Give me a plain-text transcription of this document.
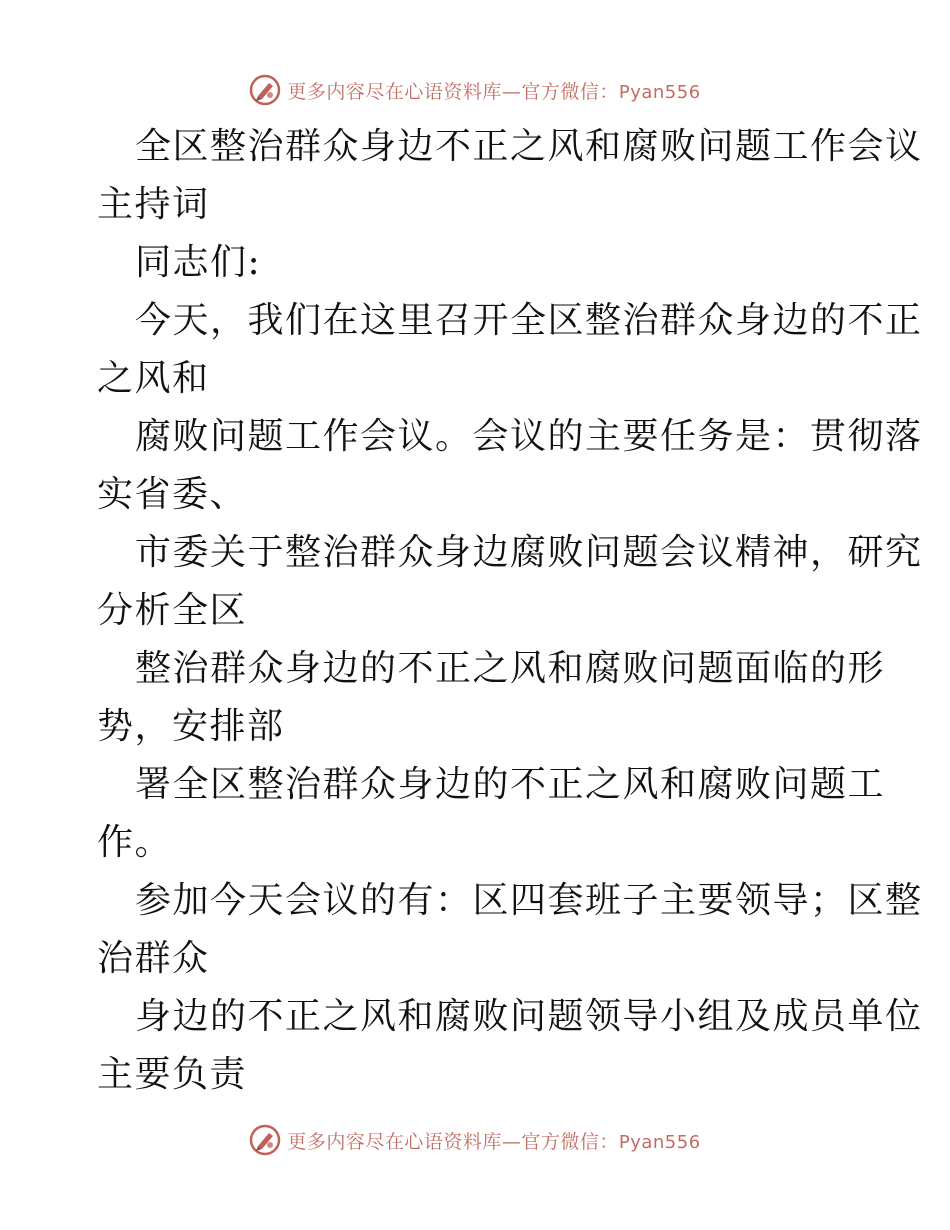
更多内容尽在心语资料库—官方微信：Pyan556
全区整治群众身边不正之风和腐败问题工作会议
主持词
同志们:
今天，我们在这里召开全区整治群众身边的不正
之风和
腐败问题工作会议。会议的主要任务是：贯彻落
实省委、
市委关于整治群众身边腐败问题会议精神，研究
分析全区
整治群众身边的不正之风和腐败问题面临的形
势，安排部
署全区整治群众身边的不正之风和腐败问题工
作。
参加今天会议的有：区四套班子主要领导；区整
治群众
身边的不正之风和腐败问题领导小组及成员单位
主要负责
更多内容尽在心语资料库—官方微信：Pyan556
